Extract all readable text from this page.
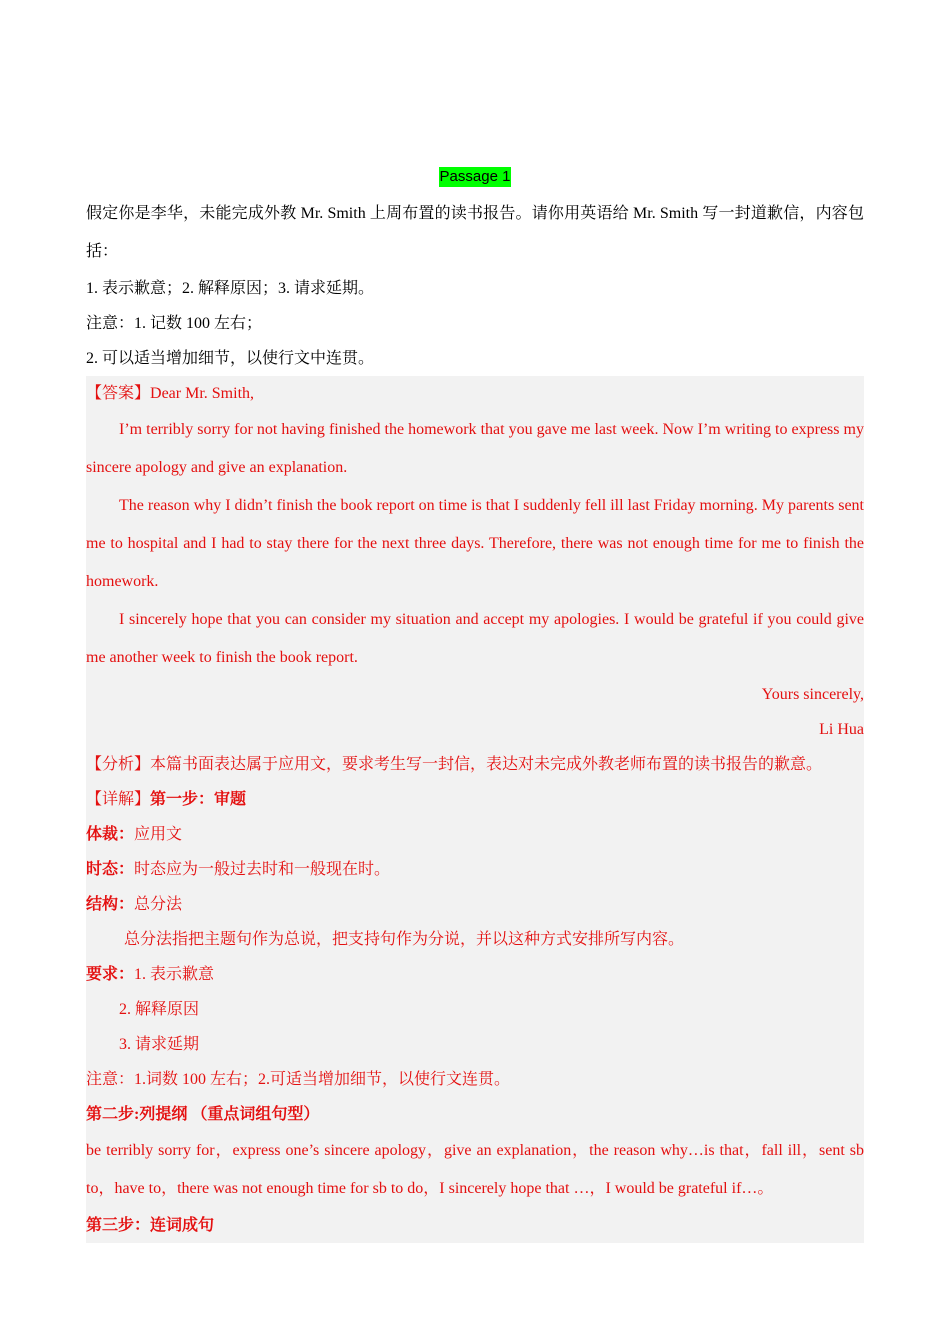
Passage 1
假定你是李华，未能完成外教 Mr. Smith 上周布置的读书报告。请你用英语给 Mr. Smith 写一封道歉信，内容包括：
1. 表示歉意；2. 解释原因；3. 请求延期。
注意：1. 记数 100 左右；
2. 可以适当增加细节，以使行文中连贯。
【答案】Dear Mr. Smith,
I’m terribly sorry for not having finished the homework that you gave me last week. Now I’m writing to express my sincere apology and give an explanation.
The reason why I didn’t finish the book report on time is that I suddenly fell ill last Friday morning. My parents sent me to hospital and I had to stay there for the next three days. Therefore, there was not enough time for me to finish the homework.
I sincerely hope that you can consider my situation and accept my apologies. I would be grateful if you could give me another week to finish the book report.
Yours sincerely,
Li Hua
【分析】本篇书面表达属于应用文，要求考生写一封信，表达对未完成外教老师布置的读书报告的歉意。
【详解】第一步：审题
体裁：应用文
时态：时态应为一般过去时和一般现在时。
结构：总分法
总分法指把主题句作为总说，把支持句作为分说，并以这种方式安排所写内容。
要求：1. 表示歉意
2. 解释原因
3. 请求延期
注意：1.词数 100 左右；2.可适当增加细节，以使行文连贯。
第二步:列提纲 （重点词组句型）
be terribly sorry for，express one’s sincere apology，give an explanation，the reason why…is that，fall ill，sent sb to，have to，there was not enough time for sb to do，I sincerely hope that …，I would be grateful if…。
第三步：连词成句
